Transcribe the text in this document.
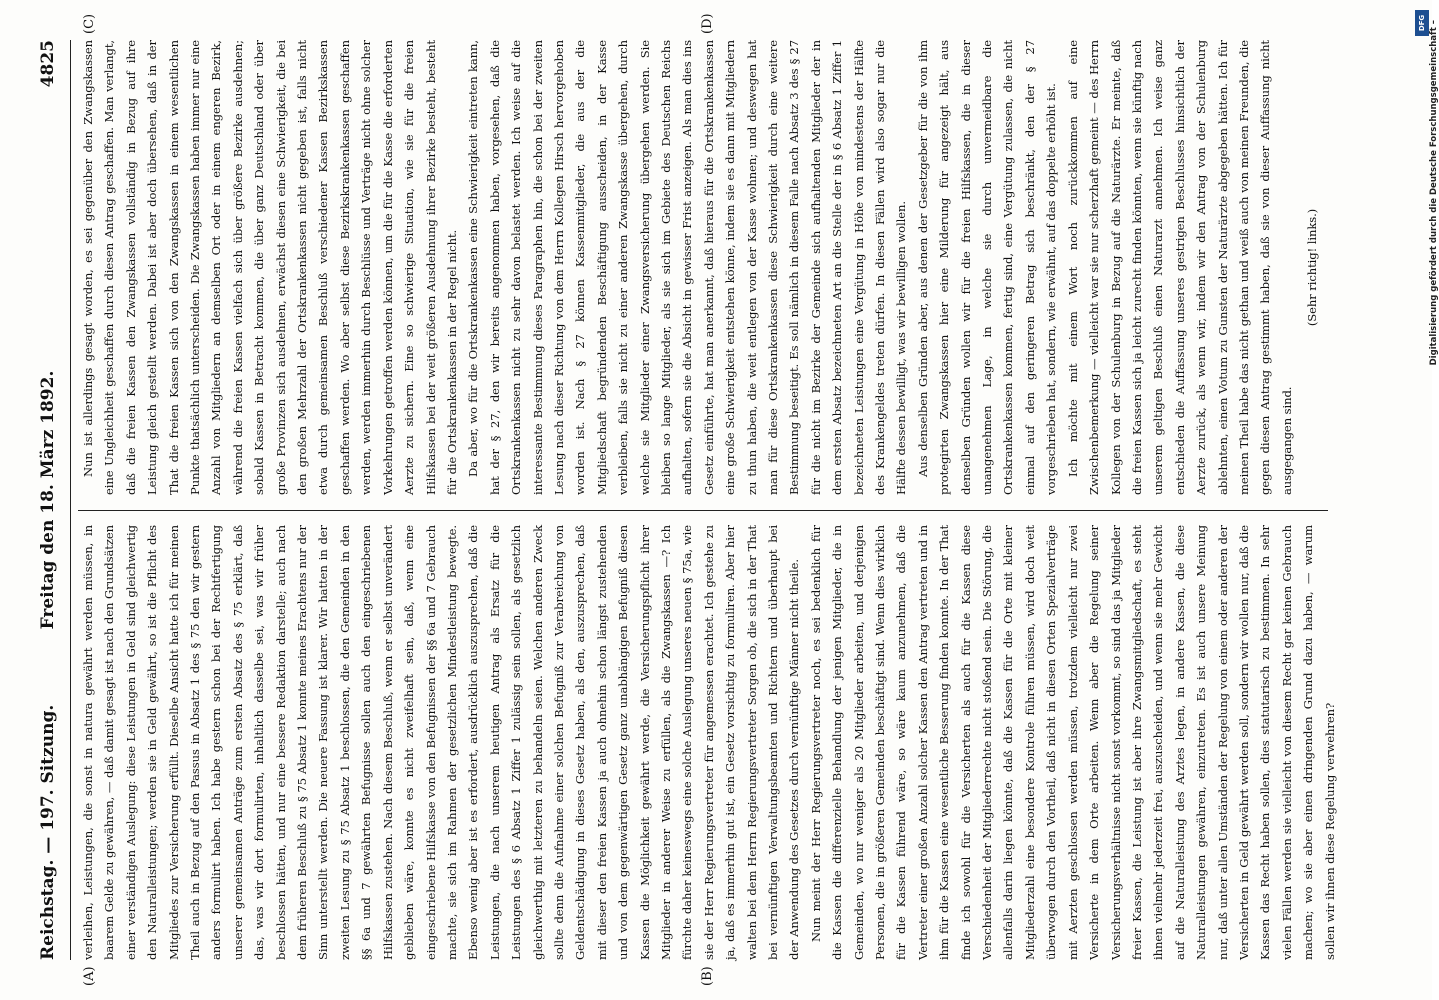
Reichstag. — 197. Sitzung.
Freitag den 18. März 1892.
4825

verleihen, Leistungen, die sonst in natura gewährt werden müssen, in baarem Gelde zu gewähren, — daß damit gesagt ist nach den Grundsätzen einer verständigen Auslegung: diese Leistungen in Geld sind gleichwertig den Naturalleistungen; werden sie in Geld gewährt, so ist die Pflicht des Mitgliedes zur Versicherung erfüllt. Dieselbe Ansicht hatte ich für meinen Theil auch in Bezug auf den Passus in Absatz 1 des § 75 den wir gestern anders formulirt haben. Ich habe gestern schon bei der Rechtfertigung unserer gemeinsamen Anträge zum ersten Absatz des § 75 erklärt, daß das, was wir dort formulirten, inhaltlich dasselbe sei, was wir früher beschlossen hätten, und nur eine bessere Redaktion darstelle; auch nach dem früheren Beschluß zu § 75 Absatz 1 konnte meines Erachtens nur der Sinn unterstellt werden. Die neuere Fassung ist klarer. Wir hatten in der zweiten Lesung zu § 75 Absatz 1 beschlossen, die den Gemeinden in den §§ 6a und 7 gewährten Befugnisse sollen auch den eingeschriebenen Hilfskassen zustehen. Nach diesem Beschluß, wenn er selbst unverändert geblieben wäre, konnte es nicht zweifelhaft sein, daß, wenn eine eingeschriebene Hilfskasse von den Befugnissen der §§ 6a und 7 Gebrauch machte, sie sich im Rahmen der gesetzlichen Mindestleistung bewegte. Ebenso wenig aber ist es erfordert, ausdrücklich auszusprechen, daß die Leistungen, die nach unserem heutigen Antrag als Ersatz für die Leistungen des § 6 Absatz 1 Ziffer 1 zulässig sein sollen, als gesetzlich gleichwerthig mit letzteren zu behandeln seien. Welchen anderen Zweck sollte denn die Aufnahme einer solchen Befugniß zur Verabreichung von Geldentschädigung in dieses Gesetz haben, als den, auszusprechen, daß mit dieser den freien Kassen ja auch ohnehin schon längst zustehenden und von dem gegenwärtigen Gesetz ganz unabhängigen Befugniß diesen Kassen die Möglichkeit gewährt werde, die Versicherungspflicht ihrer Mitglieder in anderer Weise zu erfüllen, als die Zwangskassen —? Ich fürchte daher keineswegs eine solche Auslegung unseres neuen § 75a, wie sie der Herr Regierungsvertreter für angemessen erachtet. Ich gestehe zu ja, daß es immerhin gut ist, ein Gesetz vorsichtig zu formuliren. Aber hier walten bei dem Herrn Regierungsvertreter Sorgen ob, die sich in der That bei vernünftigen Verwaltungsbeamten und Richtern und überhaupt bei der Anwendung des Gesetzes durch vernünftige Männer nicht theile. Nun meint der Herr Regierungsvertreter noch, es sei bedenklich für die Kassen die differenzielle Behandlung der jenigen Mitglieder, die in Gemeinden, wo nur weniger als 20 Mitglieder arbeiten, und derjenigen Personen, die in größeren Gemeinden beschäftigt sind. Wenn dies wirklich für die Kassen führend wäre, so wäre kaum anzunehmen, daß die Vertreter einer großen Anzahl solcher Kassen den Antrag vertreten und in ihm für die Kassen eine wesentliche Besserung finden konnte. In der That finde ich sowohl für die Versicherten als auch für die Kassen diese Verschiedenheit der Mitgliederrechte nicht stoßend sein. Die Störung, die allenfalls darin liegen könnte, daß die Kassen für die Orte mit kleiner Mitgliederzahl eine besondere Kontrole führen müssen, wird doch weit überwogen durch den Vortheil, daß nicht in diesen Orten Spezialverträge mit Aerzten geschlossen werden müssen, trotzdem vielleicht nur zwei Versicherte in dem Orte arbeiten. Wenn aber die Regelung seiner Versicherungsverhältnisse nicht sonst vorkommt, so sind das ja Mitglieder freier Kassen, die Leistung ist aber ihre Zwangsmitgliedschaft, es steht ihnen vielmehr jederzeit frei, auszuscheiden, und wenn sie mehr Gewicht auf die Naturalleistung des Arztes legen, in andere Kassen, die diese Naturalleistungen gewähren, einzutreten. Es ist auch unsere Meinung nur, daß unter allen Umständen der Regelung von einem oder anderen der Versicherten in Geld gewährt werden soll, sondern wir wollen nur, daß die Kassen das Recht haben sollen, dies statutarisch zu bestimmen. In sehr vielen Fällen werden sie vielleicht von diesem Recht gar keinen Gebrauch machen; wo sie aber einen dringenden Grund dazu haben, — warum sollen wir ihnen diese Regelung verwehren?

Nun ist allerdings gesagt worden, es sei gegenüber den Zwangskassen eine Ungleichheit geschaffen durch diesen Antrag geschaffen. Man verlangt, daß die freien Kassen den Zwangskassen vollständig in Bezug auf ihre Leistung gleich gestellt werden. Dabei ist aber doch übersehen, daß in der That die freien Kassen sich von den Zwangskassen in einem wesentlichen Punkte thatsächlich unterscheiden. Die Zwangskassen haben immer nur eine Anzahl von Mitgliedern an demselben Ort oder in einem engeren Bezirk, während die freien Kassen vielfach sich über größere Bezirke ausdehnen; sobald Kassen in Betracht kommen, die über ganz Deutschland oder über große Provinzen sich ausdehnen, erwächst diesen eine Schwierigkeit, die bei den großen Mehrzahl der Ortskrankenkassen nicht gegeben ist, falls nicht etwa durch gemeinsamen Beschluß verschiedener Kassen Bezirkskassen geschaffen werden. Wo aber selbst diese Bezirkskrankenkassen geschaffen werden, werden immerhin durch Beschlüsse und Verträge nicht ohne solcher Vorkehrungen getroffen werden können, um die für die Kasse die erforderten Aerzte zu sichern. Eine so schwierige Situation, wie sie für die freien Hilfskassen bei der weit größeren Ausdehnung ihrer Bezirke besteht, besteht für die Ortskrankenkassen in der Regel nicht. Da aber, wo für die Ortskrankenkassen eine Schwierigkeit eintreten kann, hat der § 27, den wir bereits angenommen haben, vorgesehen, daß die Ortskrankenkassen nicht zu sehr davon belastet werden. Ich weise auf die interessante Bestimmung dieses Paragraphen hin, die schon bei der zweiten Lesung nach dieser Richtung von dem Herrn Kollegen Hirsch hervorgehoben worden ist. Nach § 27 können Kassenmitglieder, die aus der die Mitgliedschaft begründenden Beschäftigung ausscheiden, in der Kasse verbleiben, falls sie nicht zu einer anderen Zwangskasse übergehen, durch welche sie Mitglieder einer Zwangsversicherung übergehen werden. Sie bleiben so lange Mitglieder, als sie sich im Gebiete des Deutschen Reichs aufhalten, sofern sie die Absicht in gewisser Frist anzeigen. Als man dies ins Gesetz einführte, hat man anerkannt, daß hieraus für die Ortskrankenkassen eine große Schwierigkeit entstehen könne, indem sie es dann mit Mitgliedern zu thun haben, die weit entlegen von der Kasse wohnen; und deswegen hat man für diese Ortskrankenkassen diese Schwierigkeit durch eine weitere Bestimmung beseitigt. Es soll nämlich in diesem Falle nach Absatz 3 des § 27 für die nicht im Bezirke der Gemeinde sich aufhaltenden Mitglieder der in dem ersten Absatz bezeichneten Art an die Stelle der in § 6 Absatz 1 Ziffer 1 bezeichneten Leistungen eine Vergütung in Höhe von mindestens der Hälfte des Krankengeldes treten dürfen. In diesen Fällen wird also sogar nur die Hälfte dessen bewilligt, was wir bewilligen wollen. Aus denselben Gründen aber, aus denen der Gesetzgeber für die von ihm protegirten Zwangskassen hier eine Milderung für angezeigt hält, aus denselben Gründen wollen wir für die freien Hilfskassen, die in dieser unangenehmen Lage, in welche sie durch unvermeidbare die Ortskrankenkassen kommen, fertig sind, eine Vergütung zulassen, die nicht einmal auf den geringeren Betrag sich beschränkt, den der § 27 vorgeschrieben hat, sondern, wie erwähnt, auf das doppelte erhöht ist. Ich möchte mit einem Wort noch zurückkommen auf eine Zwischenbemerkung — vielleicht war sie nur scherzhaft gemeint — des Herrn Kollegen von der Schulenburg in Bezug auf die Naturärzte. Er meinte, daß die freien Kassen sich ja leicht zurecht finden könnten, wenn sie künftig nach unserem geltigen Beschluß einen Naturarzt annehmen. Ich weise ganz entschieden die Auffassung unseres gestrigen Beschlusses hinsichtlich der Aerzte zurück, als wenn wir, indem wir den Antrag von der Schulenburg ablehnten, einen Votum zu Gunsten der Naturärzte abgegeben hätten. Ich für meinen Theil habe das nicht gethan und weiß auch von meinen Freunden, die gegen diesen Antrag gestimmt haben, daß sie von dieser Auffassung nicht ausgegangen sind.

(Sehr richtig! links.)

(A)	(B)
(C)	(D)	DFG Digitalisierung gefördert durch die Deutsche Forschungsgemeinschaft –
